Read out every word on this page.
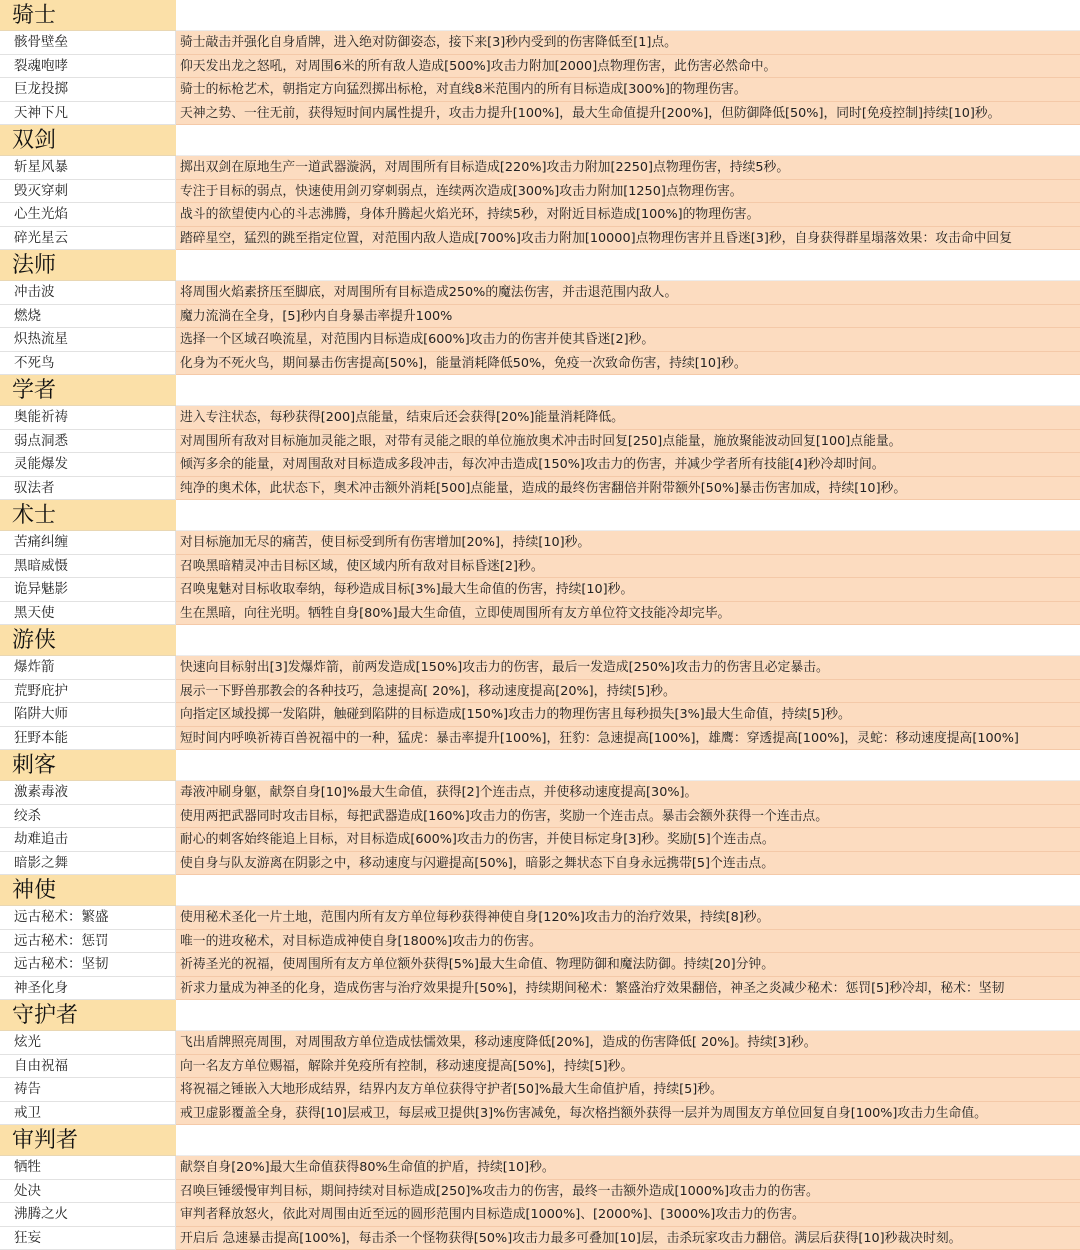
骑士
骸骨壁垒	骑士敲击并强化自身盾牌，进入绝对防御姿态，接下来[3]秒内受到的伤害降低至[1]点。
裂魂咆哮	仰天发出龙之怒吼，对周围6米的所有敌人造成[500%]攻击力附加[2000]点物理伤害，此伤害必然命中。
巨龙投掷	骑士的标枪艺术，朝指定方向猛烈掷出标枪，对直线8米范围内的所有目标造成[300%]的物理伤害。
天神下凡	天神之势、一往无前，获得短时间内属性提升，攻击力提升[100%]，最大生命值提升[200%]，但防御降低[50%]，同时[免疫控制]持续[10]秒。
双剑
斩星风暴	掷出双剑在原地生产一道武器漩涡，对周围所有目标造成[220%]攻击力附加[2250]点物理伤害，持续5秒。
毁灭穿刺	专注于目标的弱点，快速使用剑刃穿刺弱点，连续两次造成[300%]攻击力附加[1250]点物理伤害。
心生光焰	战斗的欲望使内心的斗志沸腾，身体升腾起火焰光环，持续5秒，对附近目标造成[100%]的物理伤害。
碎光星云	踏碎星空，猛烈的跳至指定位置，对范围内敌人造成[700%]攻击力附加[10000]点物理伤害并且昏迷[3]秒，自身获得群星塌落效果：攻击命中回复
法师
冲击波	将周围火焰素挤压至脚底，对周围所有目标造成250%的魔法伤害，并击退范围内敌人。
燃烧	魔力流淌在全身，[5]秒内自身暴击率提升100%
炽热流星	选择一个区域召唤流星，对范围内目标造成[600%]攻击力的伤害并使其昏迷[2]秒。
不死鸟	化身为不死火鸟，期间暴击伤害提高[50%]，能量消耗降低50%，免疫一次致命伤害，持续[10]秒。
学者
奥能祈祷	进入专注状态，每秒获得[200]点能量，结束后还会获得[20%]能量消耗降低。
弱点洞悉	对周围所有敌对目标施加灵能之眼，对带有灵能之眼的单位施放奥术冲击时回复[250]点能量，施放聚能波动回复[100]点能量。
灵能爆发	倾泻多余的能量，对周围敌对目标造成多段冲击，每次冲击造成[150%]攻击力的伤害，并减少学者所有技能[4]秒冷却时间。
驭法者	纯净的奥术体，此状态下，奥术冲击额外消耗[500]点能量，造成的最终伤害翻倍并附带额外[50%]暴击伤害加成，持续[10]秒。
术士
苦痛纠缠	对目标施加无尽的痛苦，使目标受到所有伤害增加[20%]，持续[10]秒。
黑暗威慑	召唤黑暗精灵冲击目标区域，使区域内所有敌对目标昏迷[2]秒。
诡异魅影	召唤鬼魅对目标收取奉纳，每秒造成目标[3%]最大生命值的伤害，持续[10]秒。
黑天使	生在黑暗，向往光明。牺牲自身[80%]最大生命值，立即使周围所有友方单位符文技能冷却完毕。
游侠
爆炸箭	快速向目标射出[3]发爆炸箭，前两发造成[150%]攻击力的伤害，最后一发造成[250%]攻击力的伤害且必定暴击。
荒野庇护	展示一下野兽那教会的各种技巧，急速提高[ 20%]，移动速度提高[20%]，持续[5]秒。
陷阱大师	向指定区域投掷一发陷阱，触碰到陷阱的目标造成[150%]攻击力的物理伤害且每秒损失[3%]最大生命值，持续[5]秒。
狂野本能	短时间内呼唤祈祷百兽祝福中的一种，猛虎：暴击率提升[100%]，狂豹：急速提高[100%]，雄鹰：穿透提高[100%]，灵蛇：移动速度提高[100%]
刺客
激素毒液	毒液冲刷身躯，献祭自身[10]%最大生命值，获得[2]个连击点，并使移动速度提高[30%]。
绞杀	使用两把武器同时攻击目标，每把武器造成[160%]攻击力的伤害，奖励一个连击点。暴击会额外获得一个连击点。
劫难追击	耐心的刺客始终能追上目标，对目标造成[600%]攻击力的伤害，并使目标定身[3]秒。奖励[5]个连击点。
暗影之舞	使自身与队友游离在阴影之中，移动速度与闪避提高[50%]，暗影之舞状态下自身永远携带[5]个连击点。
神使
远古秘术：繁盛	使用秘术圣化一片土地，范围内所有友方单位每秒获得神使自身[120%]攻击力的治疗效果，持续[8]秒。
远古秘术：惩罚	唯一的进攻秘术，对目标造成神使自身[1800%]攻击力的伤害。
远古秘术：坚韧	祈祷圣光的祝福，使周围所有友方单位额外获得[5%]最大生命值、物理防御和魔法防御。持续[20]分钟。
神圣化身	祈求力量成为神圣的化身，造成伤害与治疗效果提升[50%]，持续期间秘术：繁盛治疗效果翻倍，神圣之炎减少秘术：惩罚[5]秒冷却，秘术：坚韧
守护者
炫光	飞出盾牌照亮周围，对周围敌方单位造成怯懦效果，移动速度降低[20%]，造成的伤害降低[ 20%]。持续[3]秒。
自由祝福	向一名友方单位赐福，解除并免疫所有控制，移动速度提高[50%]，持续[5]秒。
祷告	将祝福之锤嵌入大地形成结界，结界内友方单位获得守护者[50]%最大生命值护盾，持续[5]秒。
戒卫	戒卫虚影覆盖全身，获得[10]层戒卫，每层戒卫提供[3]%伤害减免，每次格挡额外获得一层并为周围友方单位回复自身[100%]攻击力生命值。
审判者
牺牲	献祭自身[20%]最大生命值获得80%生命值的护盾，持续[10]秒。
处决	召唤巨锤缓慢审判目标，期间持续对目标造成[250]%攻击力的伤害，最终一击额外造成[1000%]攻击力的伤害。
沸腾之火	审判者释放怒火，依此对周围由近至远的圆形范围内目标造成[1000%]、[2000%]、[3000%]攻击力的伤害。
狂妄	开启后 急速暴击提高[100%]，每击杀一个怪物获得[50%]攻击力最多可叠加[10]层，击杀玩家攻击力翻倍。满层后获得[10]秒裁决时刻。
